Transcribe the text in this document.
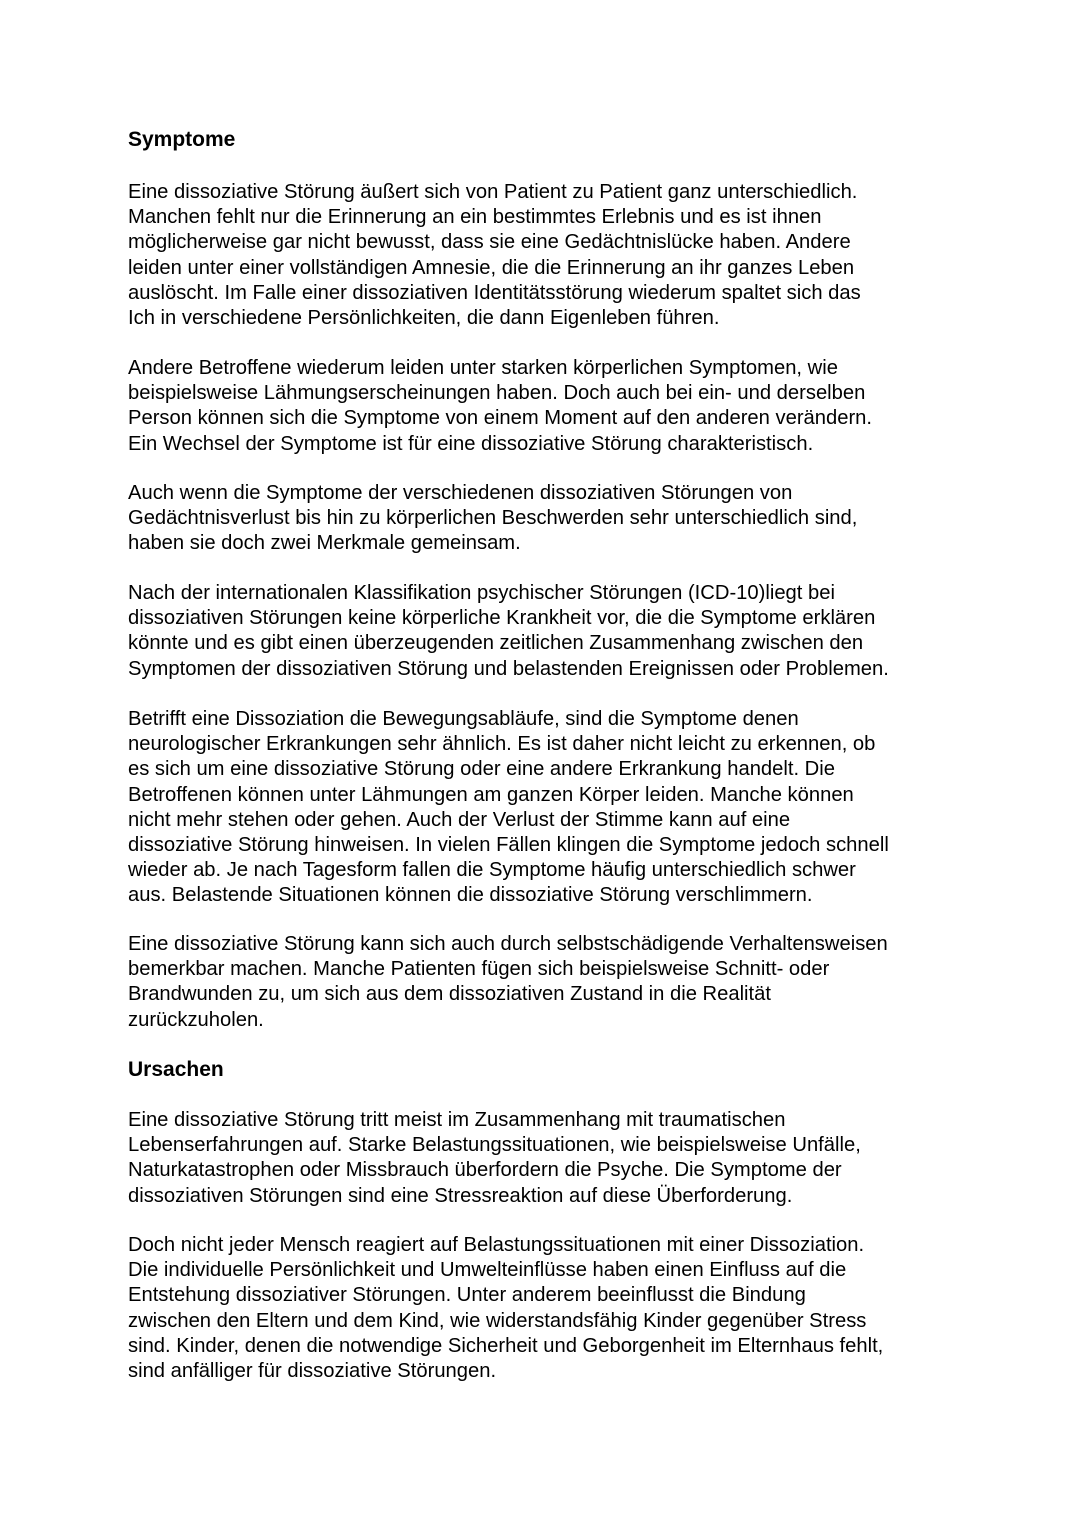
Symptome
Eine dissoziative Störung äußert sich von Patient zu Patient ganz unterschiedlich.
Manchen fehlt nur die Erinnerung an ein bestimmtes Erlebnis und es ist ihnen
möglicherweise gar nicht bewusst, dass sie eine Gedächtnislücke haben. Andere
leiden unter einer vollständigen Amnesie, die die Erinnerung an ihr ganzes Leben
auslöscht. Im Falle einer dissoziativen Identitätsstörung wiederum spaltet sich das
Ich in verschiedene Persönlichkeiten, die dann Eigenleben führen.
Andere Betroffene wiederum leiden unter starken körperlichen Symptomen, wie
beispielsweise Lähmungserscheinungen haben. Doch auch bei ein- und derselben
Person können sich die Symptome von einem Moment auf den anderen verändern.
Ein Wechsel der Symptome ist für eine dissoziative Störung charakteristisch.
Auch wenn die Symptome der verschiedenen dissoziativen Störungen von
Gedächtnisverlust bis hin zu körperlichen Beschwerden sehr unterschiedlich sind,
haben sie doch zwei Merkmale gemeinsam.
Nach der internationalen Klassifikation psychischer Störungen (ICD-10)liegt bei
dissoziativen Störungen keine körperliche Krankheit vor, die die Symptome erklären
könnte und es gibt einen überzeugenden zeitlichen Zusammenhang zwischen den
Symptomen der dissoziativen Störung und belastenden Ereignissen oder Problemen.
Betrifft eine Dissoziation die Bewegungsabläufe, sind die Symptome denen
neurologischer Erkrankungen sehr ähnlich. Es ist daher nicht leicht zu erkennen, ob
es sich um eine dissoziative Störung oder eine andere Erkrankung handelt. Die
Betroffenen können unter Lähmungen am ganzen Körper leiden. Manche können
nicht mehr stehen oder gehen. Auch der Verlust der Stimme kann auf eine
dissoziative Störung hinweisen. In vielen Fällen klingen die Symptome jedoch schnell
wieder ab. Je nach Tagesform fallen die Symptome häufig unterschiedlich schwer
aus. Belastende Situationen können die dissoziative Störung verschlimmern.
Eine dissoziative Störung kann sich auch durch selbstschädigende Verhaltensweisen
bemerkbar machen. Manche Patienten fügen sich beispielsweise Schnitt- oder
Brandwunden zu, um sich aus dem dissoziativen Zustand in die Realität
zurückzuholen.
Ursachen
Eine dissoziative Störung tritt meist im Zusammenhang mit traumatischen
Lebenserfahrungen auf. Starke Belastungssituationen, wie beispielsweise Unfälle,
Naturkatastrophen oder Missbrauch überfordern die Psyche. Die Symptome der
dissoziativen Störungen sind eine Stressreaktion auf diese Überforderung.
Doch nicht jeder Mensch reagiert auf Belastungssituationen mit einer Dissoziation.
Die individuelle Persönlichkeit und Umwelteinflüsse haben einen Einfluss auf die
Entstehung dissoziativer Störungen. Unter anderem beeinflusst die Bindung
zwischen den Eltern und dem Kind, wie widerstandsfähig Kinder gegenüber Stress
sind. Kinder, denen die notwendige Sicherheit und Geborgenheit im Elternhaus fehlt,
sind anfälliger für dissoziative Störungen.
